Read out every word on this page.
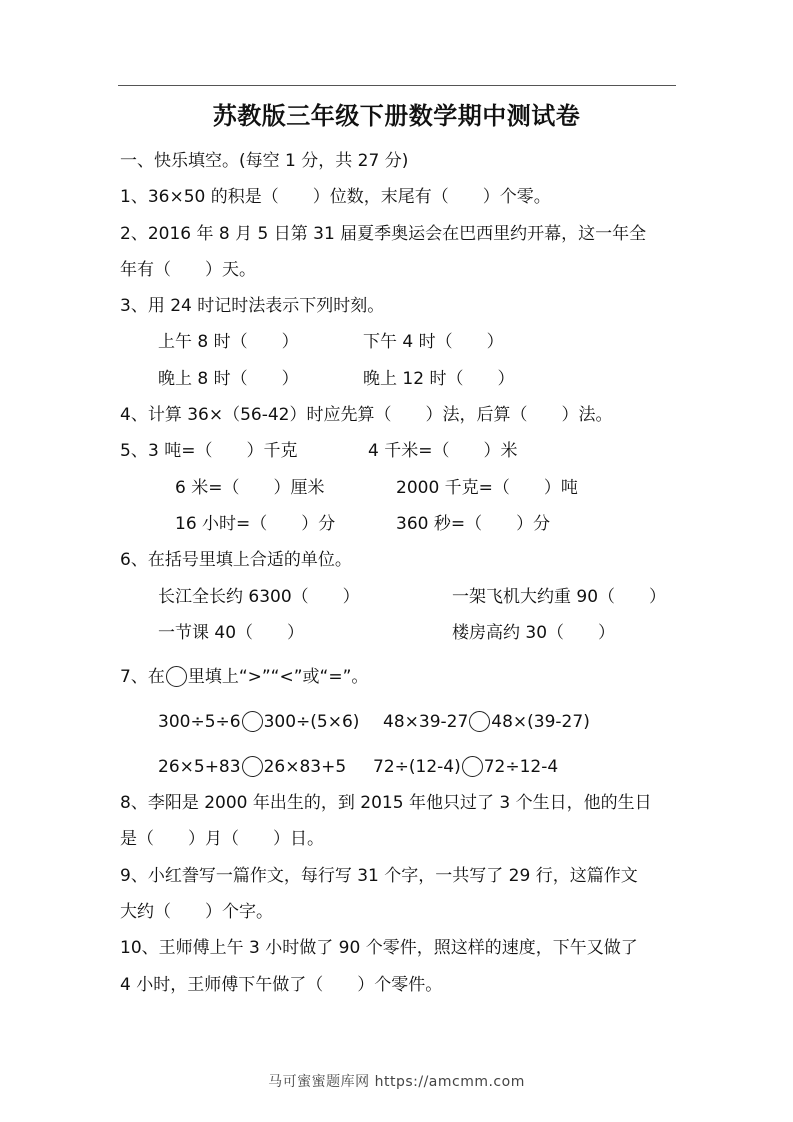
苏教版三年级下册数学期中测试卷
一、快乐填空。(每空 1 分，共 27 分)
1、36×50 的积是（　　）位数，末尾有（　　）个零。
2、2016 年 8 月 5 日第 31 届夏季奥运会在巴西里约开幕，这一年全
年有（　　）天。
3、用 24 时记时法表示下列时刻。
上午 8 时（　　）	下午 4 时（　　）
晚上 8 时（　　）	晚上 12 时（　　）
4、计算 36×（56-42）时应先算（　　）法，后算（　　）法。
5、 3 吨=（　　）千克	4 千米=（　　）米
6 米=（　　）厘米	2000 千克=（　　）吨
16 小时=（　　）分	360 秒=（　　）分
6、在括号里填上合适的单位。
长江全长约 6300（　　）	一架飞机大约重 90（　　）
一节课 40（　　）	楼房高约 30（　　）
7、在 里填上“>”“<”或“=”。
300÷5÷6 300÷(5×6) 48×39-27 48×(39-27)
26×5+83 26×83+5 72÷(12-4) 72÷12-4
8、李阳是 2000 年出生的，到 2015 年他只过了 3 个生日，他的生日
是（　　）月（　　）日。
9、小红誊写一篇作文，每行写 31 个字，一共写了 29 行，这篇作文
大约（　　）个字。
10、王师傅上午 3 小时做了 90 个零件，照这样的速度，下午又做了
4 小时，王师傅下午做了（　　）个零件。
马可蜜蜜题库网 https://amcmm.com
